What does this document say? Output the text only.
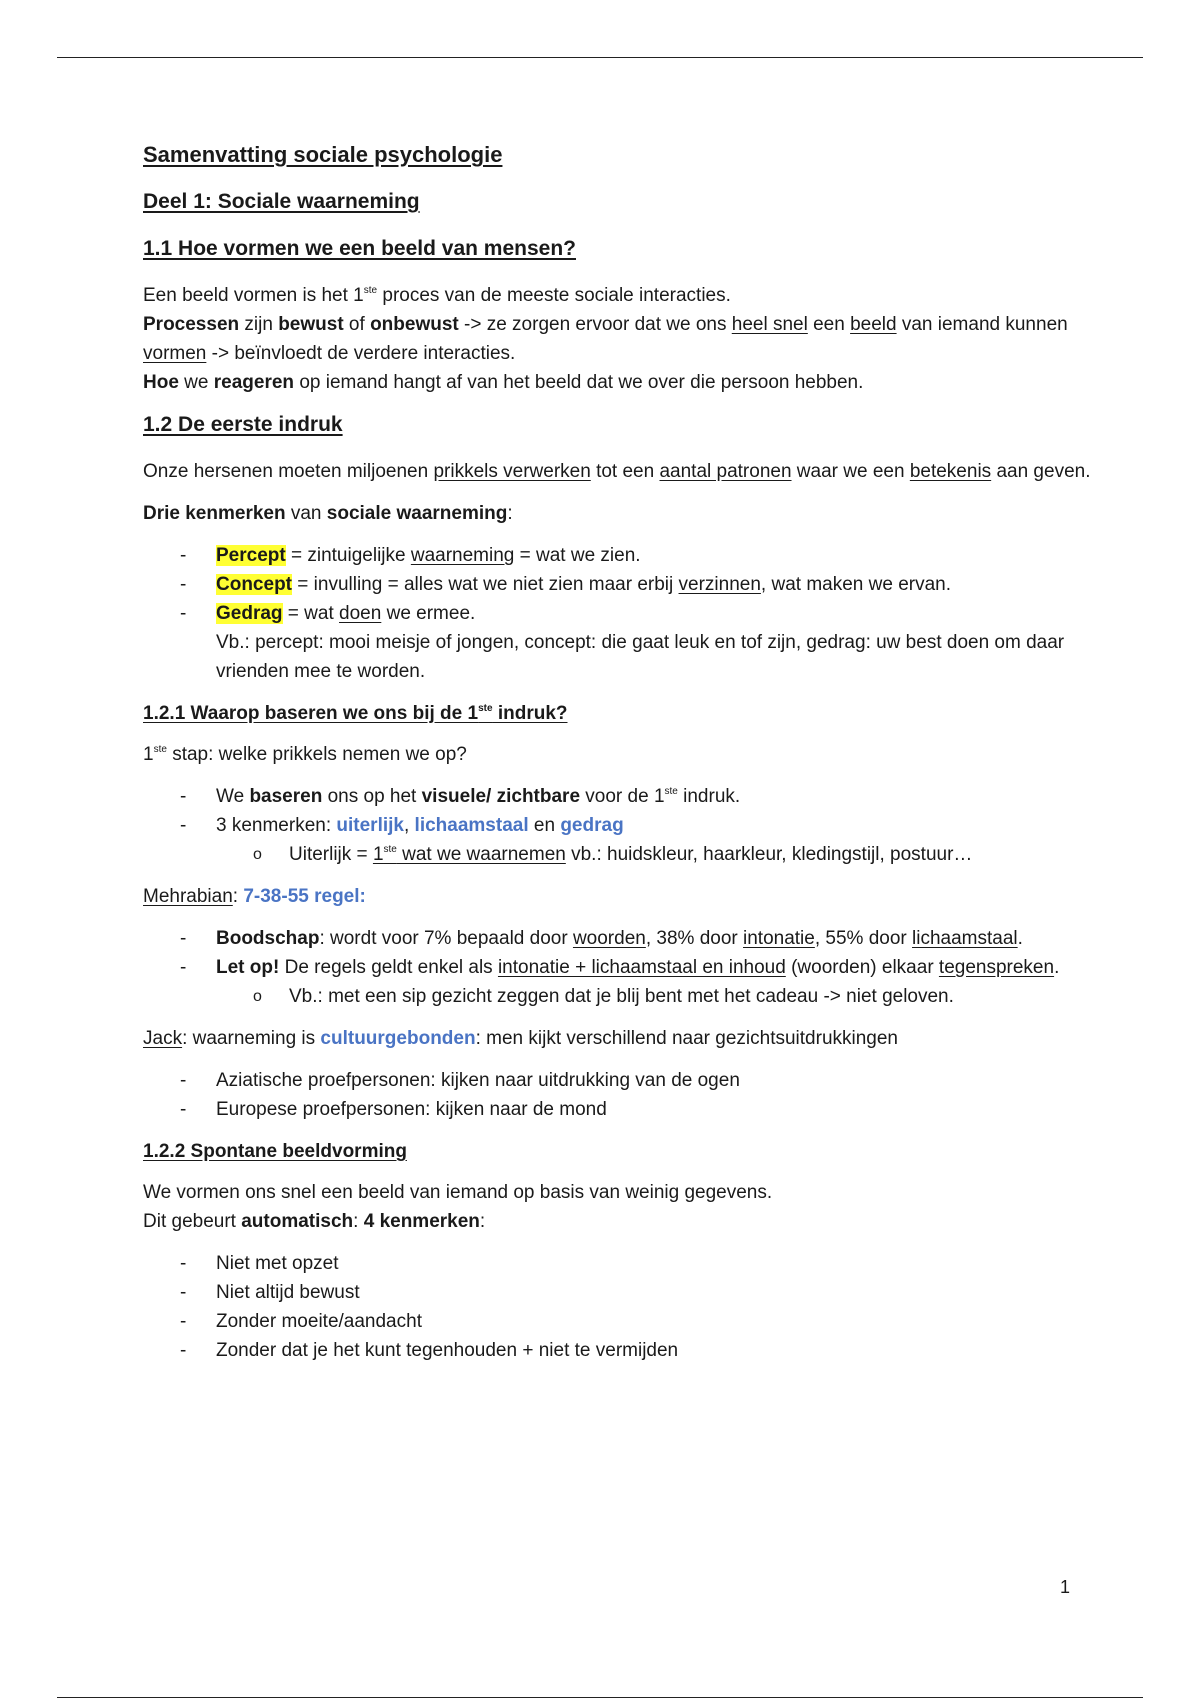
Samenvatting sociale psychologie
Deel 1: Sociale waarneming
1.1 Hoe vormen we een beeld van mensen?

Een beeld vormen is het 1ste proces van de meeste sociale interacties.
Processen zijn bewust of onbewust -> ze zorgen ervoor dat we ons heel snel een beeld van iemand kunnen vormen -> beïnvloedt de verdere interacties.
Hoe we reageren op iemand hangt af van het beeld dat we over die persoon hebben.

1.2 De eerste indruk

Onze hersenen moeten miljoenen prikkels verwerken tot een aantal patronen waar we een betekenis aan geven.

Drie kenmerken van sociale waarneming:

- Percept = zintuigelijke waarneming = wat we zien.
- Concept = invulling = alles wat we niet zien maar erbij verzinnen, wat maken we ervan.
- Gedrag = wat doen we ermee.
Vb.: percept: mooi meisje of jongen, concept: die gaat leuk en tof zijn, gedrag: uw best doen om daar vrienden mee te worden.
1.2.1 Waarop baseren we ons bij de 1ste indruk?

1ste stap: welke prikkels nemen we op?

- We baseren ons op het visuele/ zichtbare voor de 1ste indruk.
- 3 kenmerken: uiterlijk, lichaamstaal en gedrag
o Uiterlijk = 1ste wat we waarnemen vb.: huidskleur, haarkleur, kledingstijl, postuur…

Mehrabian: 7-38-55 regel:

- Boodschap: wordt voor 7% bepaald door woorden, 38% door intonatie, 55% door lichaamstaal.
- Let op! De regels geldt enkel als intonatie + lichaamstaal en inhoud (woorden) elkaar tegenspreken.
o Vb.: met een sip gezicht zeggen dat je blij bent met het cadeau -> niet geloven.

Jack: waarneming is cultuurgebonden: men kijkt verschillend naar gezichtsuitdrukkingen

- Aziatische proefpersonen: kijken naar uitdrukking van de ogen
- Europese proefpersonen: kijken naar de mond
1.2.2 Spontane beeldvorming

We vormen ons snel een beeld van iemand op basis van weinig gegevens.
Dit gebeurt automatisch: 4 kenmerken:

- Niet met opzet
- Niet altijd bewust
- Zonder moeite/aandacht
- Zonder dat je het kunt tegenhouden + niet te vermijden
1
